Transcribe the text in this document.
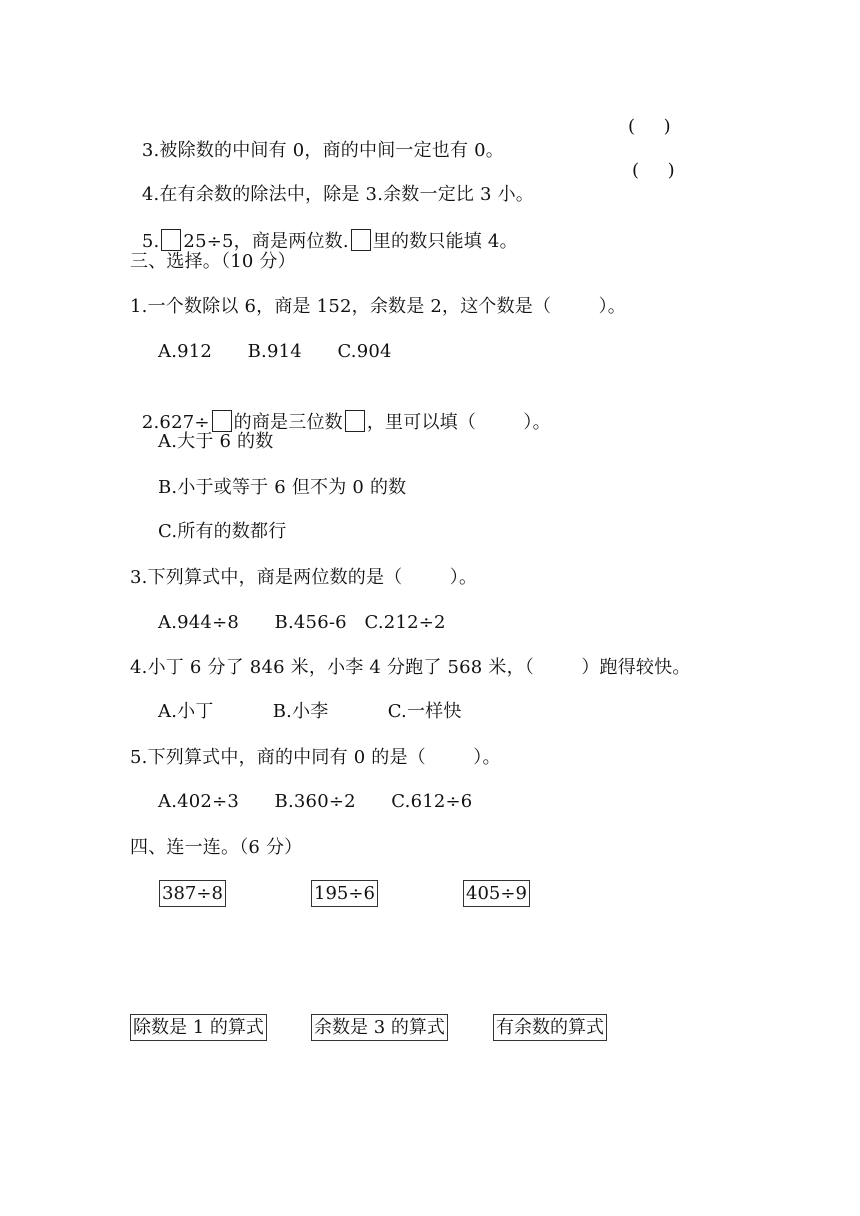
3.被除数的中间有 0，商的中间一定也有 0。

(     )

4.在有余数的除法中，除是 3.余数一定比 3 小。

(     )

5. 25÷5，商是两位数. 里的数只能填 4。

三、选择。（10 分）
1.一个数除以 6，商是 152，余数是 2，这个数是（        ）。
A.912      B.914      C.904

2.627÷ 的商是三位数 ，里可以填（        ）。

A.大于 6 的数
B.小于或等于 6 但不为 0 的数
C.所有的数都行
3.下列算式中，商是两位数的是（        ）。
A.944÷8      B.456-6   C.212÷2
4.小丁 6 分了 846 米，小李 4 分跑了 568 米，（        ）跑得较快。
A.小丁          B.小李          C.一样快
5.下列算式中，商的中同有 0 的是（        ）。
A.402÷3      B.360÷2      C.612÷6
四、连一连。（6 分）
387÷8	195÷6	405÷9
除数是 1 的算式	余数是 3 的算式	有余数的算式
